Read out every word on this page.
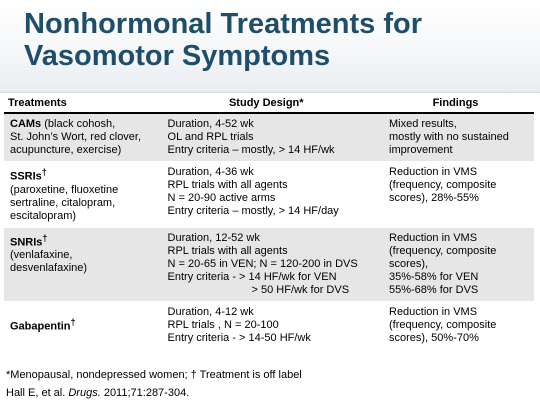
Nonhormonal Treatments for
Vasomotor Symptoms
Treatments	Study Design*	Findings

CAMs (black cohosh,
St. John’s Wort, red clover,
acupuncture, exercise)	Duration, 4-52 wk
OL and RPL trials
Entry criteria – mostly, > 14 HF/wk	Mixed results,
mostly with no sustained
improvement

SSRIs†
(paroxetine, fluoxetine
sertraline, citalopram,
escitalopram)	Duration, 4-36 wk
RPL trials with all agents
N = 20-90 active arms
Entry criteria – mostly, > 14 HF/day	Reduction in VMS
(frequency, composite
scores), 28%-55%

SNRIs†
(venlafaxine,
desvenlafaxine)	Duration, 12-52 wk
RPL trials with all agents
N = 20-65 in VEN; N = 120-200 in DVS
Entry criteria - > 14 HF/wk for VEN
> 50 HF/wk for DVS	Reduction in VMS
(frequency, composite
scores),
35%-58% for VEN
55%-68% for DVS

Gabapentin†	Duration, 4-12 wk
RPL trials , N = 20-100
Entry criteria - > 14-50 HF/wk	Reduction in VMS
(frequency, composite
scores), 50%-70%
*Menopausal, nondepressed women; † Treatment is off label
Hall E, et al. Drugs. 2011;71:287-304.
